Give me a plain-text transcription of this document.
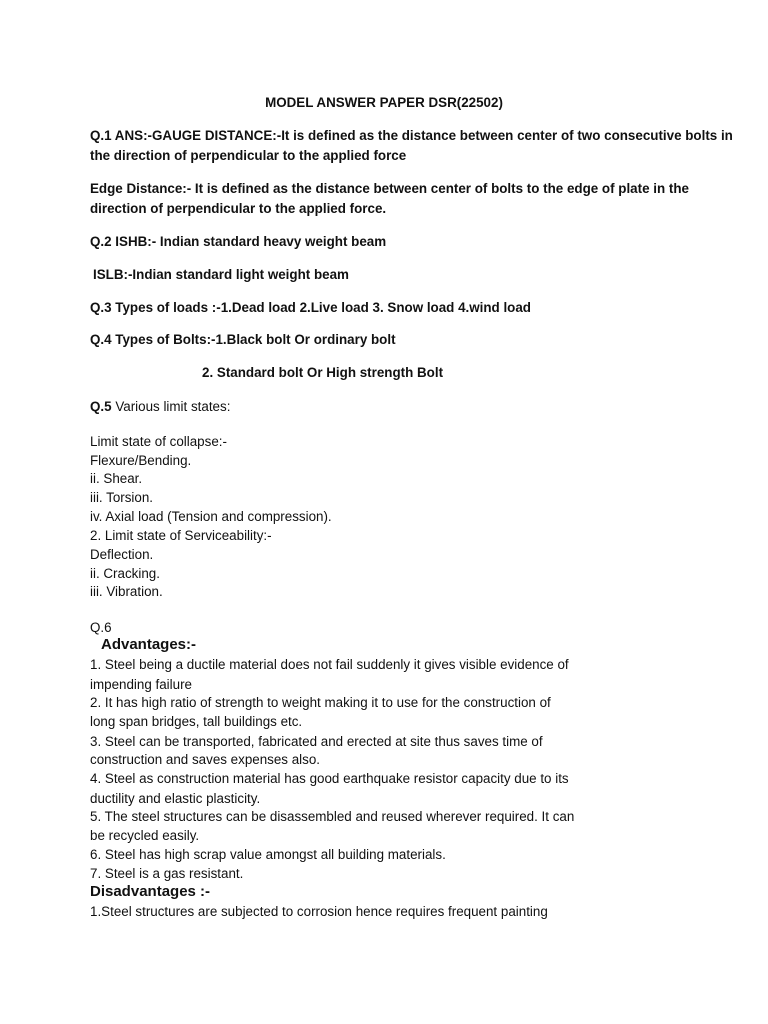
MODEL ANSWER PAPER DSR(22502)

Q.1 ANS:-GAUGE DISTANCE:-It is defined as the distance between center of two consecutive bolts in

the direction of perpendicular to the applied force

Edge Distance:- It is defined as the distance between center of bolts to the edge of plate in the

direction of perpendicular to the applied force.

Q.2 ISHB:- Indian standard heavy weight beam

ISLB:-Indian standard light weight beam

Q.3 Types of loads :-1.Dead load 2.Live load 3. Snow load 4.wind load

Q.4 Types of Bolts:-1.Black bolt Or ordinary bolt

2. Standard bolt Or High strength Bolt

Q.5 Various limit states:

Limit state of collapse:-

Flexure/Bending.

ii. Shear.

iii. Torsion.

iv. Axial load (Tension and compression).

2. Limit state of Serviceability:-

Deflection.

ii. Cracking.

iii. Vibration.

Q.6

Advantages:-

1. Steel being a ductile material does not fail suddenly it gives visible evidence of

impending failure

2. It has high ratio of strength to weight making it to use for the construction of

long span bridges, tall buildings etc.

3. Steel can be transported, fabricated and erected at site thus saves time of

construction and saves expenses also.

4. Steel as construction material has good earthquake resistor capacity due to its

ductility and elastic plasticity.

5. The steel structures can be disassembled and reused wherever required. It can

be recycled easily.

6. Steel has high scrap value amongst all building materials.

7. Steel is a gas resistant.

Disadvantages :-

1.Steel structures are subjected to corrosion hence requires frequent painting
